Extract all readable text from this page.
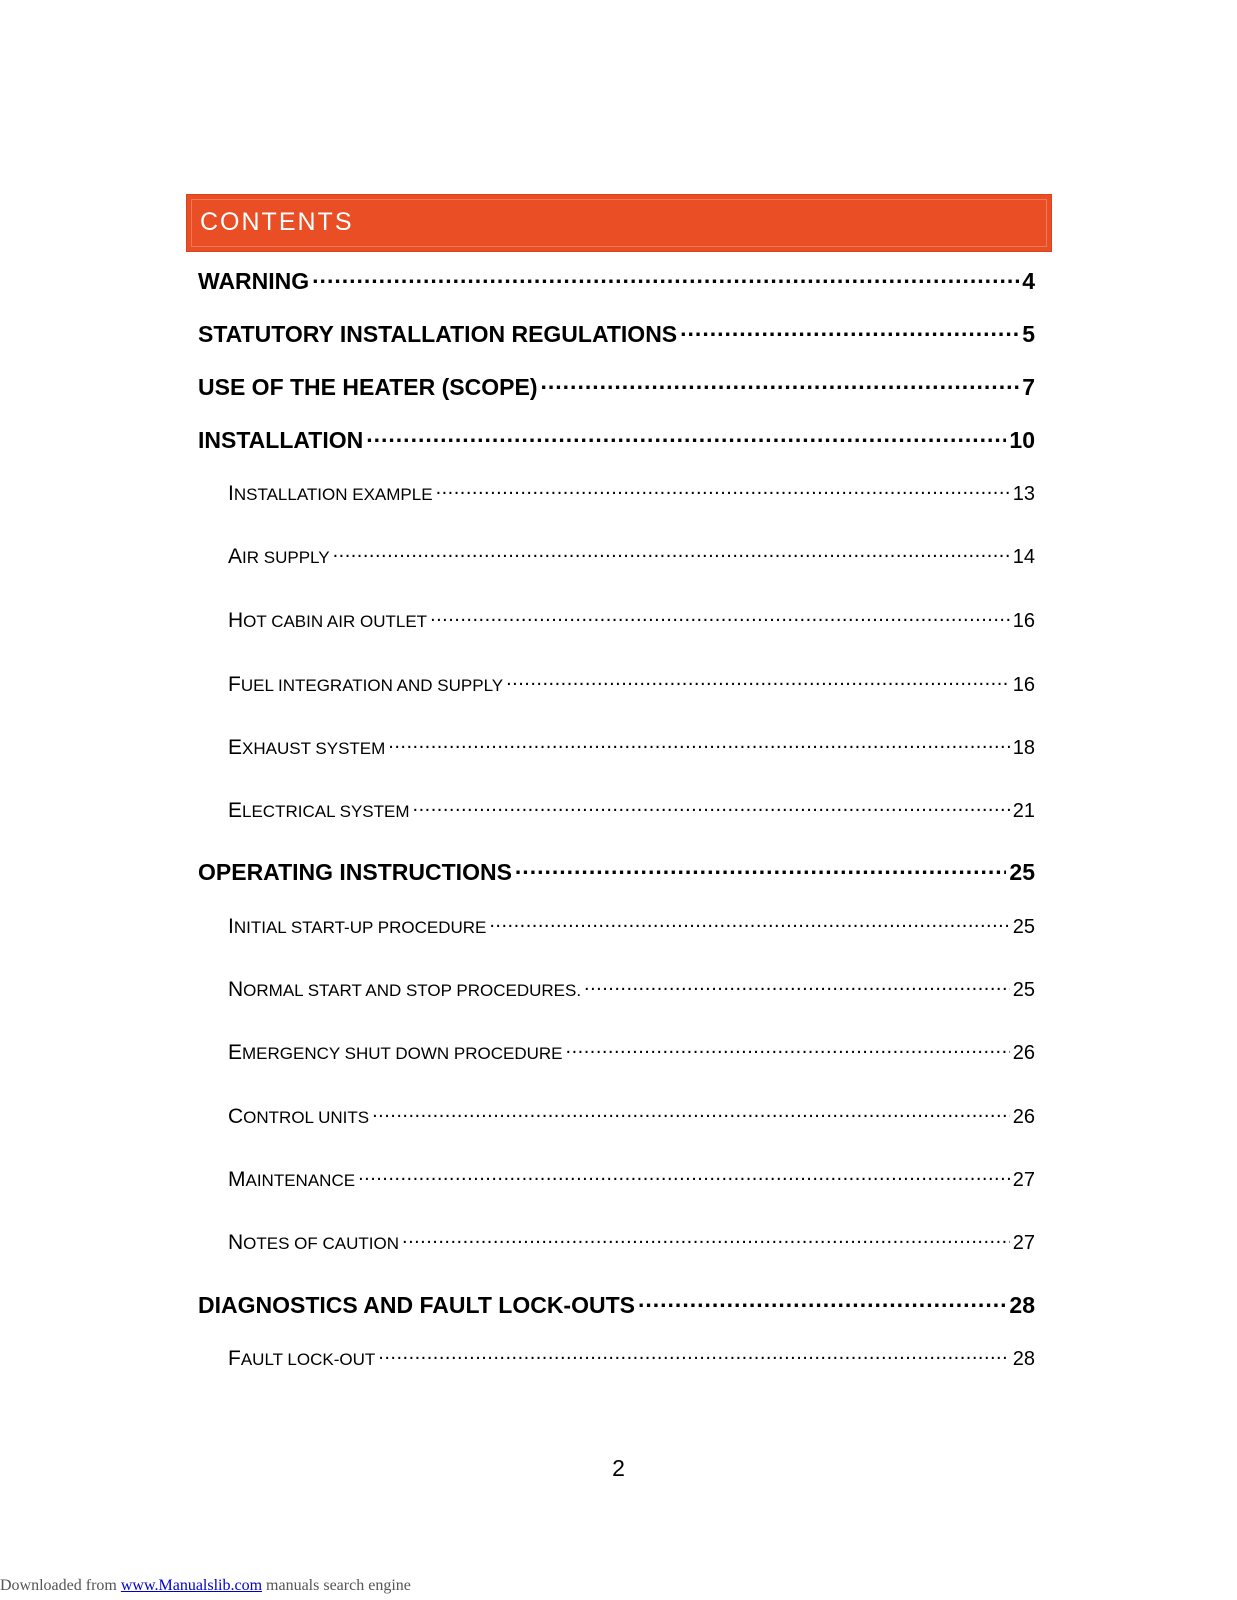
CONTENTS
WARNING .....	4
STATUTORY INSTALLATION REGULATIONS .....	5
USE OF THE HEATER (SCOPE) .....	7
INSTALLATION .....	10
INSTALLATION EXAMPLE .....	13
AIR SUPPLY .....	14
HOT CABIN AIR OUTLET .....	16
FUEL INTEGRATION AND SUPPLY .....	16
EXHAUST SYSTEM .....	18
ELECTRICAL SYSTEM .....	21
OPERATING INSTRUCTIONS .....	25
INITIAL START-UP PROCEDURE .....	25
NORMAL START AND STOP PROCEDURES. .....	25
EMERGENCY SHUT DOWN PROCEDURE .....	26
CONTROL UNITS .....	26
MAINTENANCE .....	27
NOTES OF CAUTION .....	27
DIAGNOSTICS AND FAULT LOCK-OUTS .....	28
FAULT LOCK-OUT .....	28
2
Downloaded from www.Manualslib.com manuals search engine
